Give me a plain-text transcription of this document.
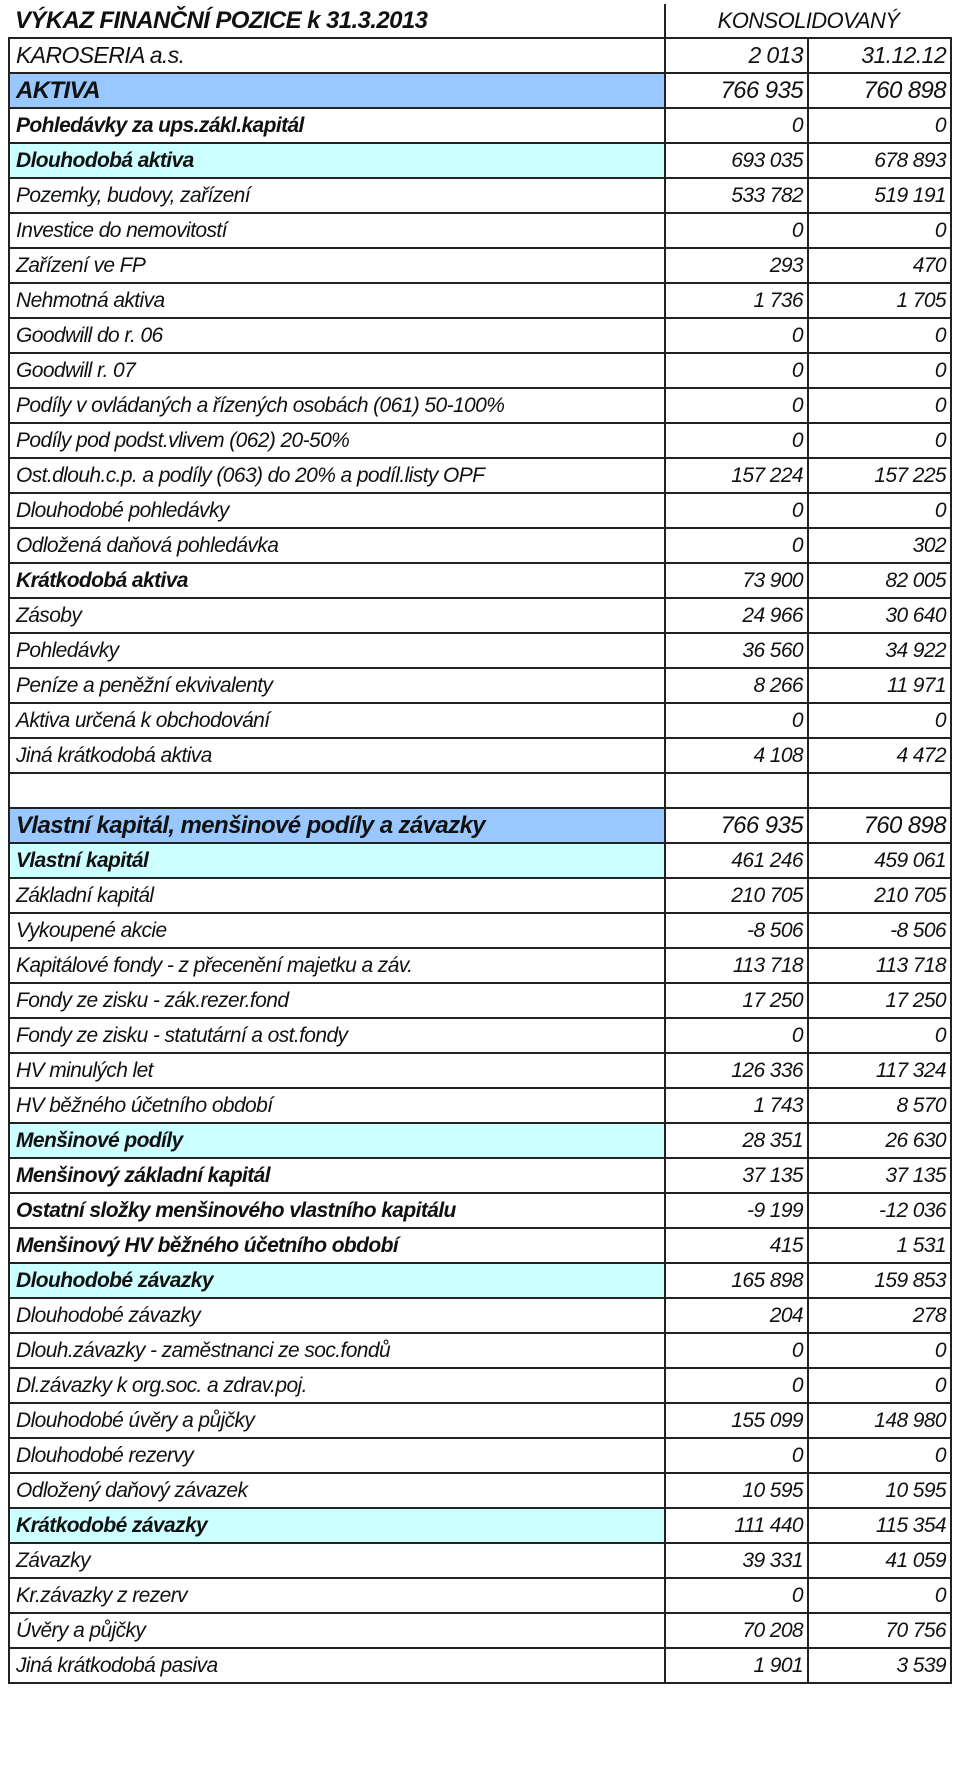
VÝKAZ FINANČNÍ POZICE k 31.3.2013	KONSOLIDOVANÝ	
KAROSERIA a.s.	2 013	31.12.12
AKTIVA	766 935	760 898
Pohledávky za ups.zákl.kapitál	0	0
Dlouhodobá aktiva	693 035	678 893
Pozemky, budovy, zařízení	533 782	519 191
Investice do nemovitostí	0	0
Zařízení ve FP	293	470
Nehmotná aktiva	1 736	1 705
Goodwill do r. 06	0	0
Goodwill r. 07	0	0
Podíly v ovládaných a řízených osobách (061) 50-100%	0	0
Podíly pod podst.vlivem (062) 20-50%	0	0
Ost.dlouh.c.p. a podíly (063) do 20% a podíl.listy OPF	157 224	157 225
Dlouhodobé pohledávky	0	0
Odložená daňová pohledávka	0	302
Krátkodobá aktiva	73 900	82 005
Zásoby	24 966	30 640
Pohledávky	36 560	34 922
Peníze a peněžní ekvivalenty	8 266	11 971
Aktiva určená k obchodování	0	0
Jiná krátkodobá aktiva	4 108	4 472

Vlastní kapitál, menšinové podíly a závazky	766 935	760 898
Vlastní kapitál	461 246	459 061
Základní kapitál	210 705	210 705
Vykoupené akcie	-8 506	-8 506
Kapitálové fondy - z přecenění majetku a záv.	113 718	113 718
Fondy ze zisku - zák.rezer.fond	17 250	17 250
Fondy ze zisku - statutární a ost.fondy	0	0
HV minulých let	126 336	117 324
HV běžného účetního období	1 743	8 570
Menšinové podíly	28 351	26 630
Menšinový základní kapitál	37 135	37 135
Ostatní složky menšinového vlastního kapitálu	-9 199	-12 036
Menšinový HV běžného účetního období	415	1 531
Dlouhodobé závazky	165 898	159 853
Dlouhodobé závazky	204	278
Dlouh.závazky - zaměstnanci ze soc.fondů	0	0
Dl.závazky k org.soc. a zdrav.poj.	0	0
Dlouhodobé úvěry a půjčky	155 099	148 980
Dlouhodobé rezervy	0	0
Odložený daňový závazek	10 595	10 595
Krátkodobé závazky	111 440	115 354
Závazky	39 331	41 059
Kr.závazky z rezerv	0	0
Úvěry a půjčky	70 208	70 756
Jiná krátkodobá pasiva	1 901	3 539
